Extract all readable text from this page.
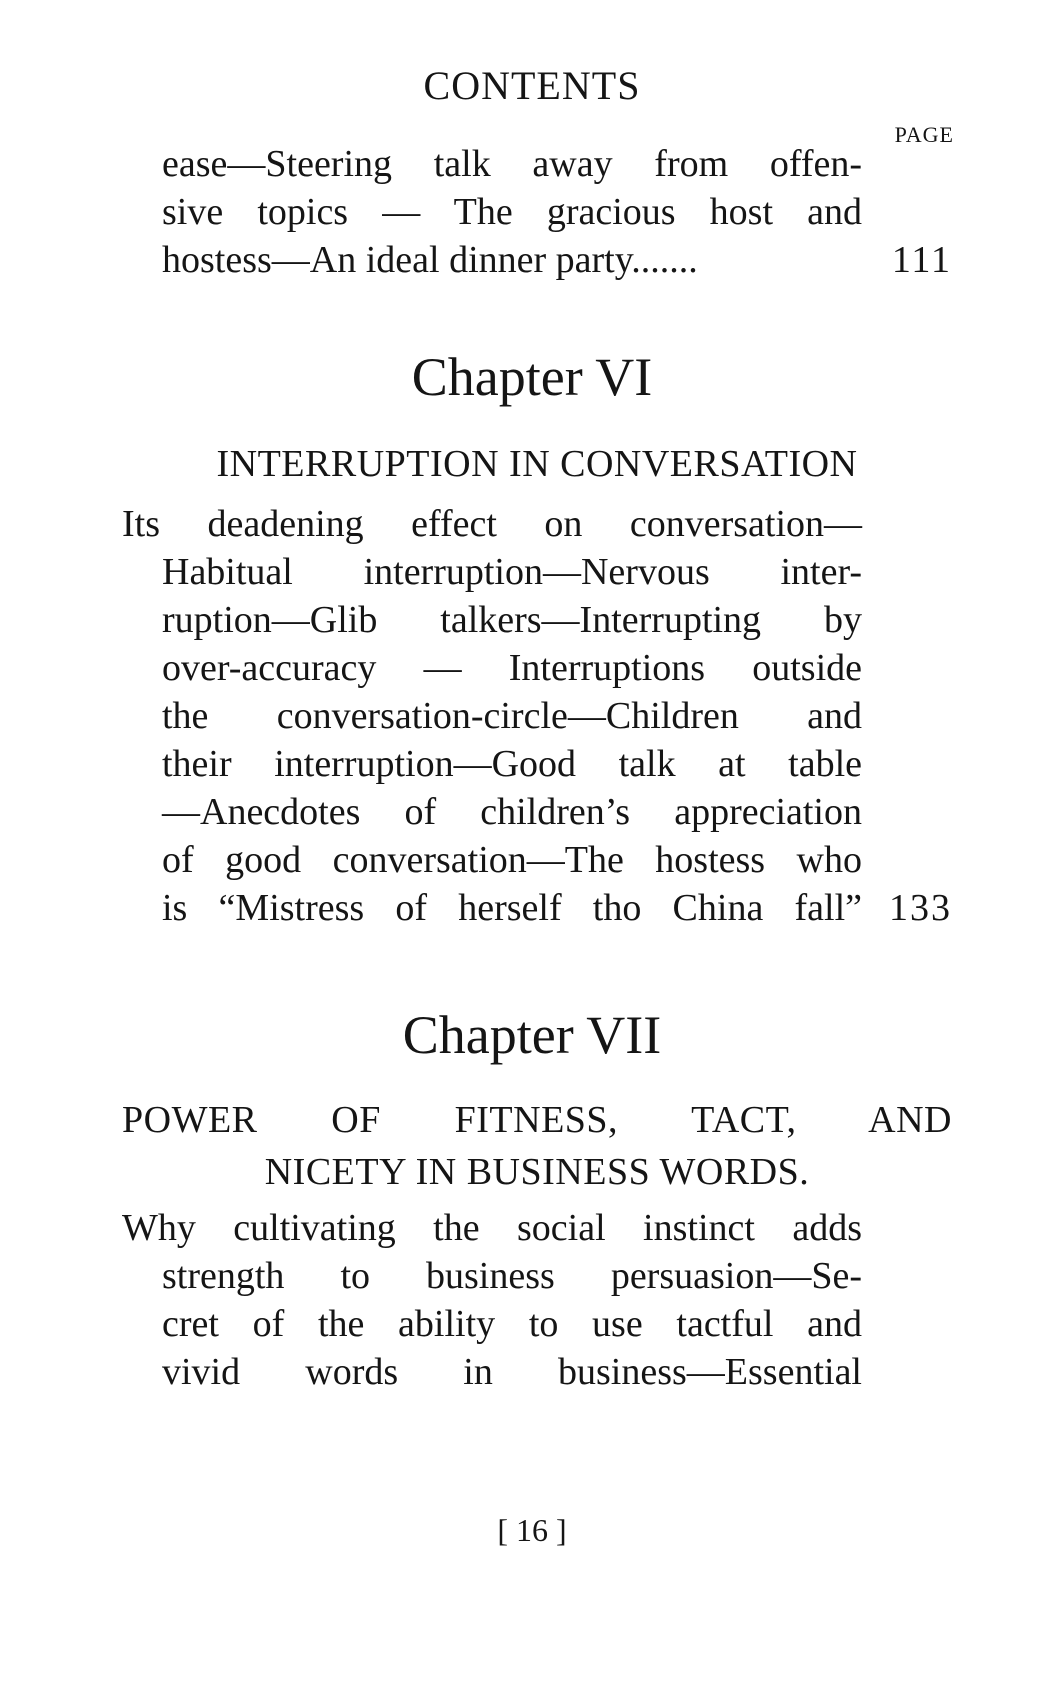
CONTENTS
PAGE
ease—Steering talk away from offen-
sive topics — The gracious host and
hostess—An ideal dinner party.......	111
Chapter VI
INTERRUPTION IN CONVERSATION
Its deadening effect on conversation—
Habitual interruption—Nervous inter-
ruption—Glib talkers—Interrupting by
over-accuracy — Interruptions outside
the conversation-circle—Children and
their interruption—Good talk at table
—Anecdotes of children’s appreciation
of good conversation—The hostess who
is “Mistress of herself tho China fall” 133
Chapter VII
POWER OF FITNESS, TACT, AND
NICETY IN BUSINESS WORDS.
Why cultivating the social instinct adds
strength to business persuasion—Se-
cret of the ability to use tactful and
vivid words in business—Essential
[ 16 ]
